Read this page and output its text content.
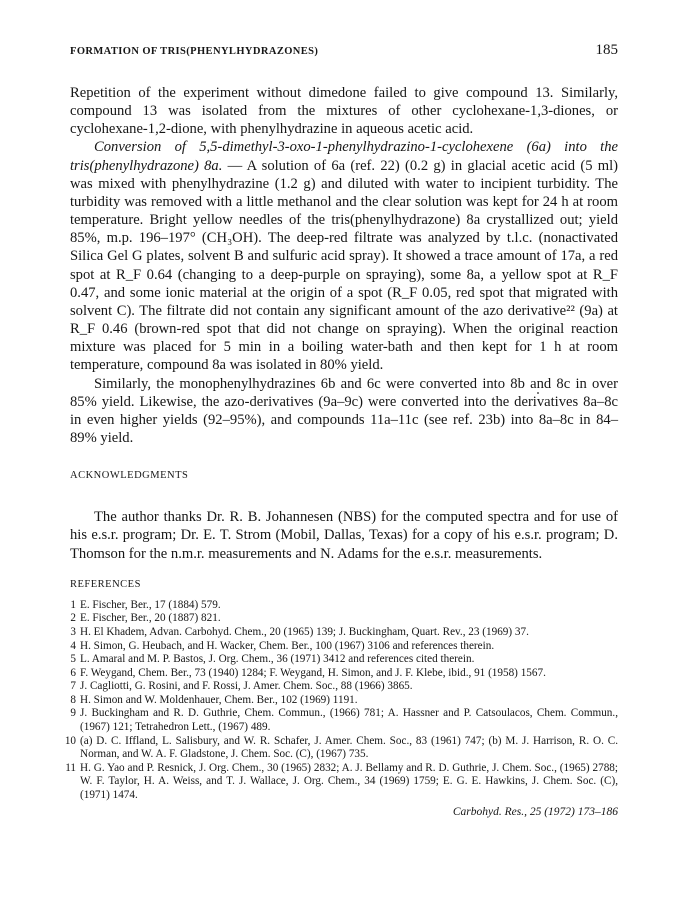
FORMATION OF TRIS(PHENYLHYDRAZONES)	185

Repetition of the experiment without dimedone failed to give compound 13. Similarly, compound 13 was isolated from the mixtures of other cyclohexane-1,3-diones, or cyclohexane-1,2-dione, with phenylhydrazine in aqueous acetic acid.

Conversion of 5,5-dimethyl-3-oxo-1-phenylhydrazino-1-cyclohexene (6a) into the tris(phenylhydrazone) 8a. — A solution of 6a (ref. 22) (0.2 g) in glacial acetic acid (5 ml) was mixed with phenylhydrazine (1.2 g) and diluted with water to incipient turbidity. The turbidity was removed with a little methanol and the clear solution was kept for 24 h at room temperature. Bright yellow needles of the tris(phenylhydrazone) 8a crystallized out; yield 85%, m.p. 196–197° (CH₃OH). The deep-red filtrate was analyzed by t.l.c. (nonactivated Silica Gel G plates, solvent B and sulfuric acid spray). It showed a trace amount of 17a, a red spot at R_F 0.64 (changing to a deep-purple on spraying), some 8a, a yellow spot at R_F 0.47, and some ionic material at the origin of a spot (R_F 0.05, red spot that migrated with solvent C). The filtrate did not contain any significant amount of the azo derivative²² (9a) at R_F 0.46 (brown-red spot that did not change on spraying). When the original reaction mixture was placed for 5 min in a boiling water-bath and then kept for 1 h at room temperature, compound 8a was isolated in 80% yield.

Similarly, the monophenylhydrazines 6b and 6c were converted into 8b and 8c in over 85% yield. Likewise, the azo-derivatives (9a–9c) were converted into the derivatives 8a–8c in even higher yields (92–95%), and compounds 11a–11c (see ref. 23b) into 8a–8c in 84–89% yield.

ACKNOWLEDGMENTS
The author thanks Dr. R. B. Johannesen (NBS) for the computed spectra and for use of his e.s.r. program; Dr. E. T. Strom (Mobil, Dallas, Texas) for a copy of his e.s.r. program; D. Thomson for the n.m.r. measurements and N. Adams for the e.s.r. measurements.
REFERENCES
1 E. Fischer, Ber., 17 (1884) 579.
2 E. Fischer, Ber., 20 (1887) 821.
3 H. El Khadem, Advan. Carbohyd. Chem., 20 (1965) 139; J. Buckingham, Quart. Rev., 23 (1969) 37.
4 H. Simon, G. Heubach, and H. Wacker, Chem. Ber., 100 (1967) 3106 and references therein.
5 L. Amaral and M. P. Bastos, J. Org. Chem., 36 (1971) 3412 and references cited therein.
6 F. Weygand, Chem. Ber., 73 (1940) 1284; F. Weygand, H. Simon, and J. F. Klebe, ibid., 91 (1958) 1567.
7 J. Cagliotti, G. Rosini, and F. Rossi, J. Amer. Chem. Soc., 88 (1966) 3865.
8 H. Simon and W. Moldenhauer, Chem. Ber., 102 (1969) 1191.
9 J. Buckingham and R. D. Guthrie, Chem. Commun., (1966) 781; A. Hassner and P. Catsoulacos, Chem. Commun., (1967) 121; Tetrahedron Lett., (1967) 489.
10 (a) D. C. Iffland, L. Salisbury, and W. R. Schafer, J. Amer. Chem. Soc., 83 (1961) 747; (b) M. J. Harrison, R. O. C. Norman, and W. A. F. Gladstone, J. Chem. Soc. (C), (1967) 735.
11 H. G. Yao and P. Resnick, J. Org. Chem., 30 (1965) 2832; A. J. Bellamy and R. D. Guthrie, J. Chem. Soc., (1965) 2788; W. F. Taylor, H. A. Weiss, and T. J. Wallace, J. Org. Chem., 34 (1969) 1759; E. G. E. Hawkins, J. Chem. Soc. (C), (1971) 1474.
Carbohyd. Res., 25 (1972) 173–186
